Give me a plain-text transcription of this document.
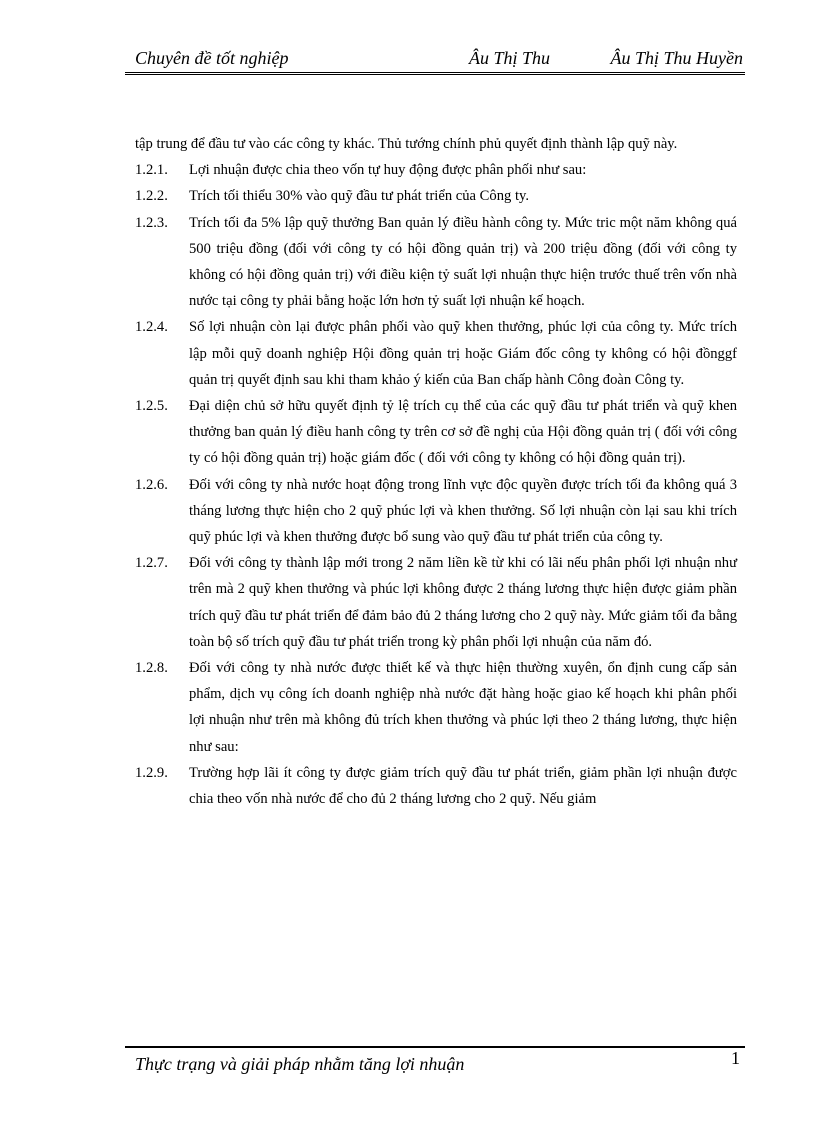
Chuyên đề tốt nghiệp	Âu Thị Thu	Âu Thị Thu Huyền

tập trung để đầu tư vào các công ty khác. Thủ tướng chính phủ quyết định thành lập quỹ này.

1.2.1. Lợi nhuận được chia theo vốn tự huy động được phân phối như sau:

1.2.2. Trích tối thiểu 30% vào quỹ đầu tư phát triển của Công ty.

1.2.3. Trích tối đa 5% lập quỹ thưởng Ban quản lý điều hành công ty. Mức tric một năm không quá 500 triệu đồng (đối với công ty có hội đồng quản trị) và 200 triệu đồng (đối với công ty không có hội đồng quản trị) với điều kiện tỷ suất lợi nhuận thực hiện trước thuế trên vốn nhà nước tại công ty phải bằng hoặc lớn hơn tỷ suất lợi nhuận kế hoạch.

1.2.4. Số lợi nhuận còn lại được phân phối vào quỹ khen thưởng, phúc lợi của công ty. Mức trích lập mỗi quỹ doanh nghiệp Hội đồng quản trị hoặc Giám đốc công ty không có hội đồnggf quản trị quyết định sau khi tham khảo ý kiến của Ban chấp hành Công đoàn Công ty.

1.2.5. Đại diện chủ sở hữu quyết định tỷ lệ trích cụ thể của các quỹ đầu tư phát triển và quỹ khen thưởng ban quản lý điều hanh công ty trên cơ sở đề nghị của Hội đồng quản trị ( đối với công ty có hội đồng quản trị) hoặc giám đốc ( đối với công ty không có hội đồng quản trị).

1.2.6. Đối với công ty nhà nước hoạt động trong lĩnh vực độc quyền được trích tối đa không quá 3 tháng lương thực hiện cho 2 quỹ phúc lợi và khen thưởng. Số lợi nhuận còn lại sau khi trích quỹ phúc lợi và khen thưởng được bổ sung vào quỹ đầu tư phát triển của công ty.

1.2.7. Đối với công ty thành lập mới trong 2 năm liền kề từ khi có lãi nếu phân phối lợi nhuận như trên mà 2 quỹ khen thưởng và phúc lợi không được 2 tháng lương thực hiện được giảm phần trích quỹ đầu tư phát triển để đảm bảo đủ 2 tháng lương cho 2 quỹ này. Mức giảm tối đa bằng toàn bộ số trích quỹ đầu tư phát triển trong kỳ phân phối lợi nhuận của năm đó.

1.2.8. Đối với công ty nhà nước được thiết kế và thực hiện thường xuyên, ổn định cung cấp sản phẩm, dịch vụ công ích doanh nghiệp nhà nước đặt hàng hoặc giao kế hoạch khi phân phối lợi nhuận như trên mà không đủ trích khen thưởng và phúc lợi theo 2 tháng lương, thực hiện như sau:

1.2.9. Trường hợp lãi ít công ty được giảm trích quỹ đầu tư phát triển, giảm phần lợi nhuận được chia theo vốn nhà nước để cho đủ 2 tháng lương cho 2 quỹ. Nếu giảm

Thực trạng và giải pháp nhằm tăng lợi nhuận	1
